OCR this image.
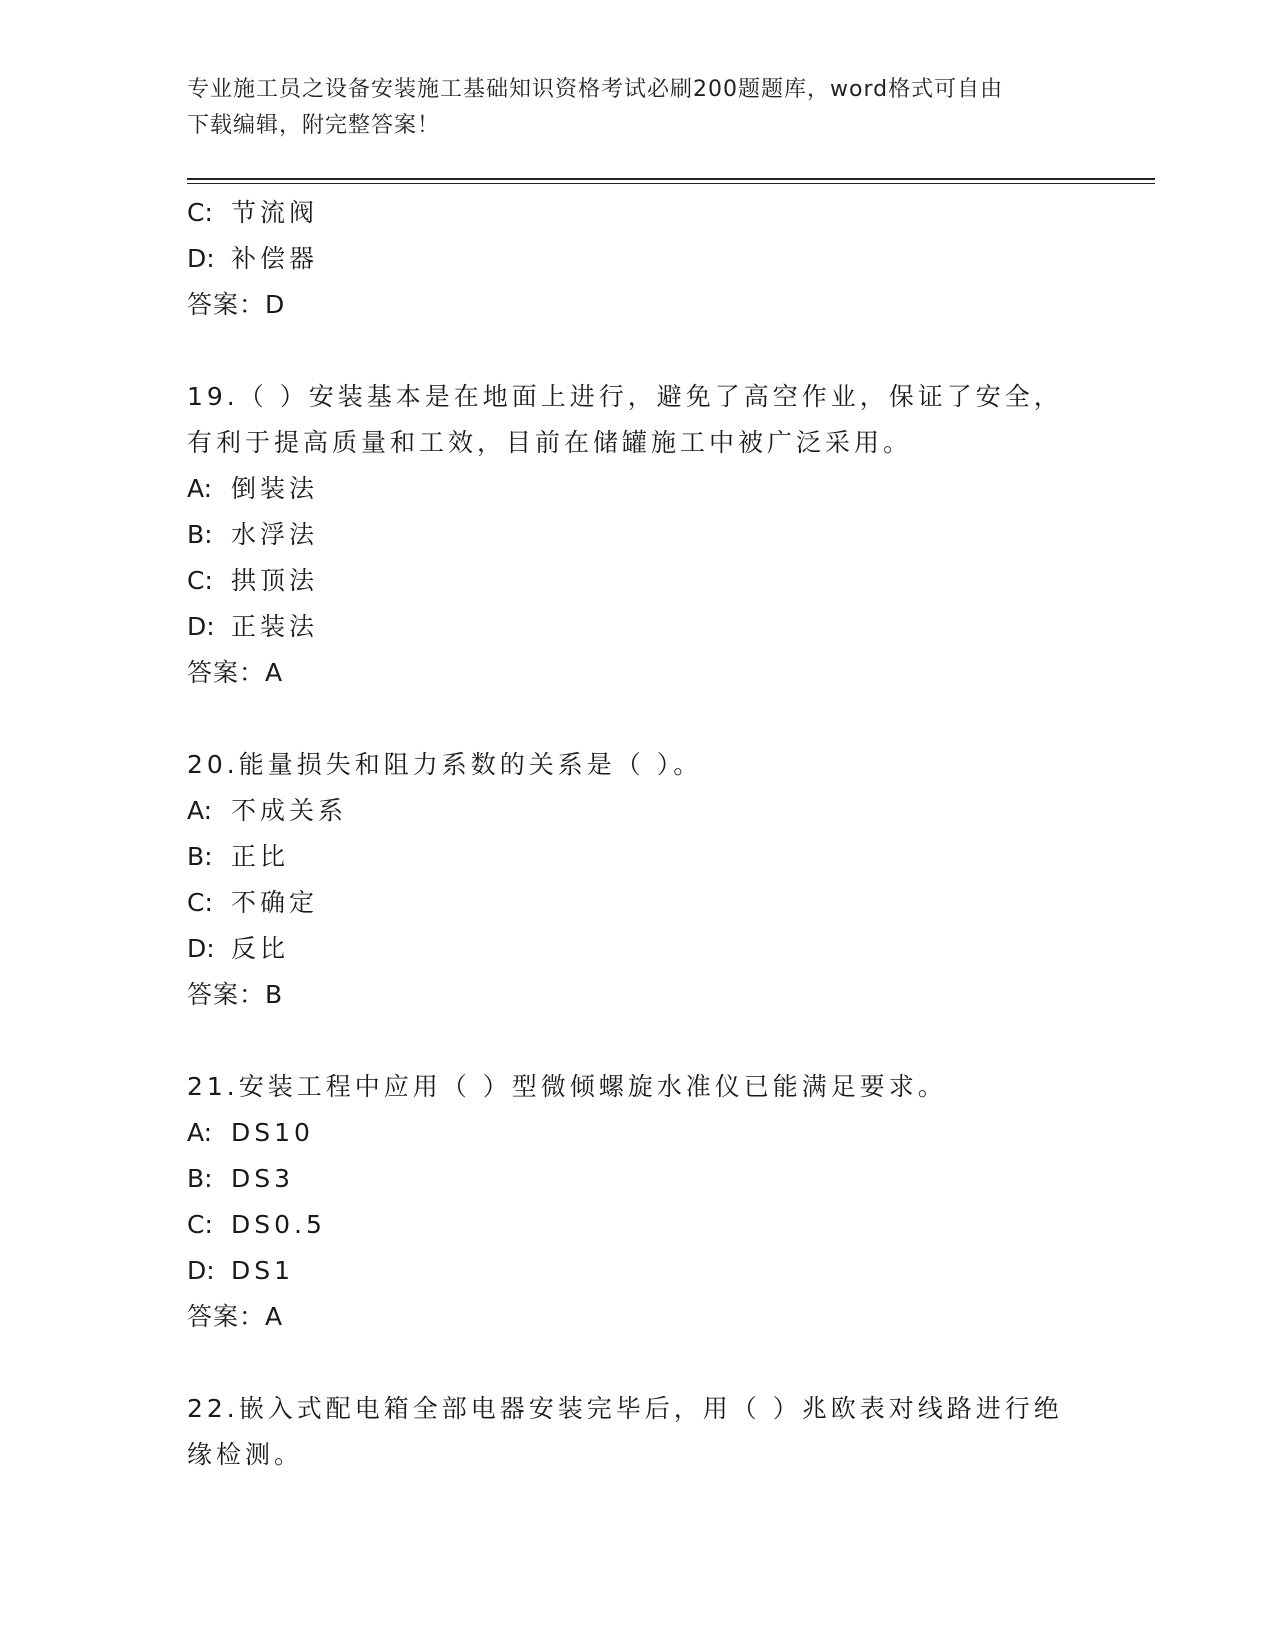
专业施工员之设备安装施工基础知识资格考试必刷200题题库，word格式可自由
下载编辑，附完整答案！
C: 节流阀
D: 补偿器
答案：D
19.（ ）安装基本是在地面上进行，避免了高空作业，保证了安全，
有利于提高质量和工效，目前在储罐施工中被广泛采用。
A: 倒装法
B: 水浮法
C: 拱顶法
D: 正装法
答案：A
20.能量损失和阻力系数的关系是（ ）。
A: 不成关系
B: 正比
C: 不确定
D: 反比
答案：B
21.安装工程中应用（ ）型微倾螺旋水准仪已能满足要求。
A: DS10
B: DS3
C: DS0.5
D: DS1
答案：A
22.嵌入式配电箱全部电器安装完毕后，用（ ）兆欧表对线路进行绝
缘检测。
